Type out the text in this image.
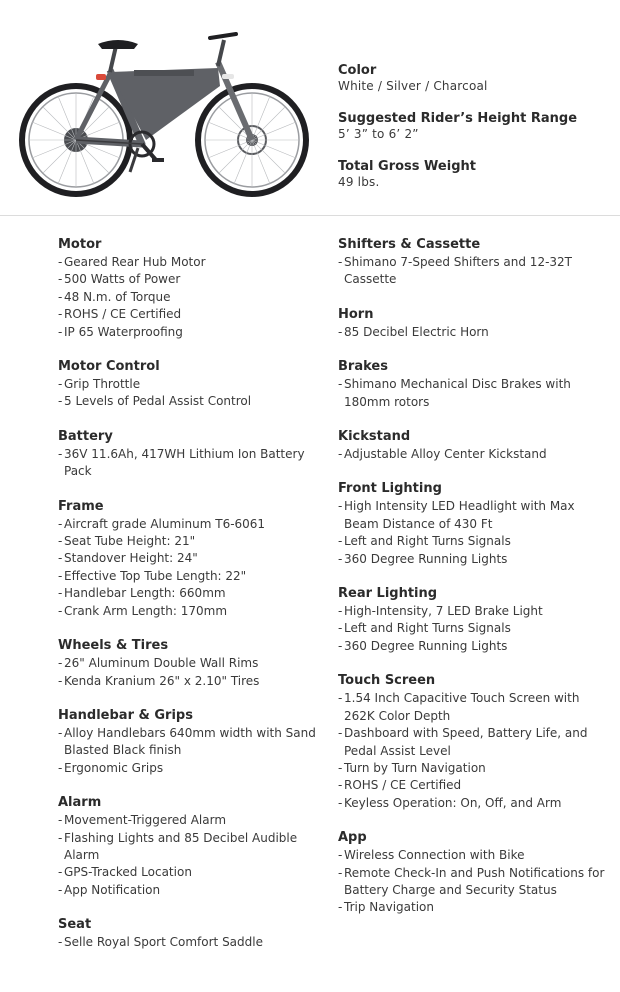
Color
White / Silver / Charcoal
Suggested Rider’s Height Range
5’ 3” to 6’ 2”
Total Gross Weight
49 lbs.
Motor
- Geared Rear Hub Motor
- 500 Watts of Power
- 48 N.m. of Torque
- ROHS / CE Certified
- IP 65 Waterproofing
Motor Control
- Grip Throttle
- 5 Levels of Pedal Assist Control
Battery
- 36V 11.6Ah, 417WH Lithium Ion Battery Pack
Frame
- Aircraft grade Aluminum T6-6061
- Seat Tube Height: 21"
- Standover Height: 24"
- Effective Top Tube Length: 22"
- Handlebar Length: 660mm
- Crank Arm Length: 170mm
Wheels & Tires
- 26" Aluminum Double Wall Rims
- Kenda Kranium 26" x 2.10" Tires
Handlebar & Grips
- Alloy Handlebars 640mm width with Sand Blasted Black finish
- Ergonomic Grips
Alarm
- Movement-Triggered Alarm
- Flashing Lights and 85 Decibel Audible Alarm
- GPS-Tracked Location
- App Notification
Seat
- Selle Royal Sport Comfort Saddle
Shifters & Cassette
- Shimano 7-Speed Shifters and 12-32T Cassette
Horn
- 85 Decibel Electric Horn
Brakes
- Shimano Mechanical Disc Brakes with 180mm rotors
Kickstand
- Adjustable Alloy Center Kickstand
Front Lighting
- High Intensity LED Headlight with Max Beam Distance of 430 Ft
- Left and Right Turns Signals
- 360 Degree Running Lights
Rear Lighting
- High-Intensity, 7 LED Brake Light
- Left and Right Turns Signals
- 360 Degree Running Lights
Touch Screen
- 1.54 Inch Capacitive Touch Screen with 262K Color Depth
- Dashboard with Speed, Battery Life, and Pedal Assist Level
- Turn by Turn Navigation
- ROHS / CE Certified
- Keyless Operation: On, Off, and Arm
App
- Wireless Connection with Bike
- Remote Check-In and Push Notifications for Battery Charge and Security Status
- Trip Navigation
